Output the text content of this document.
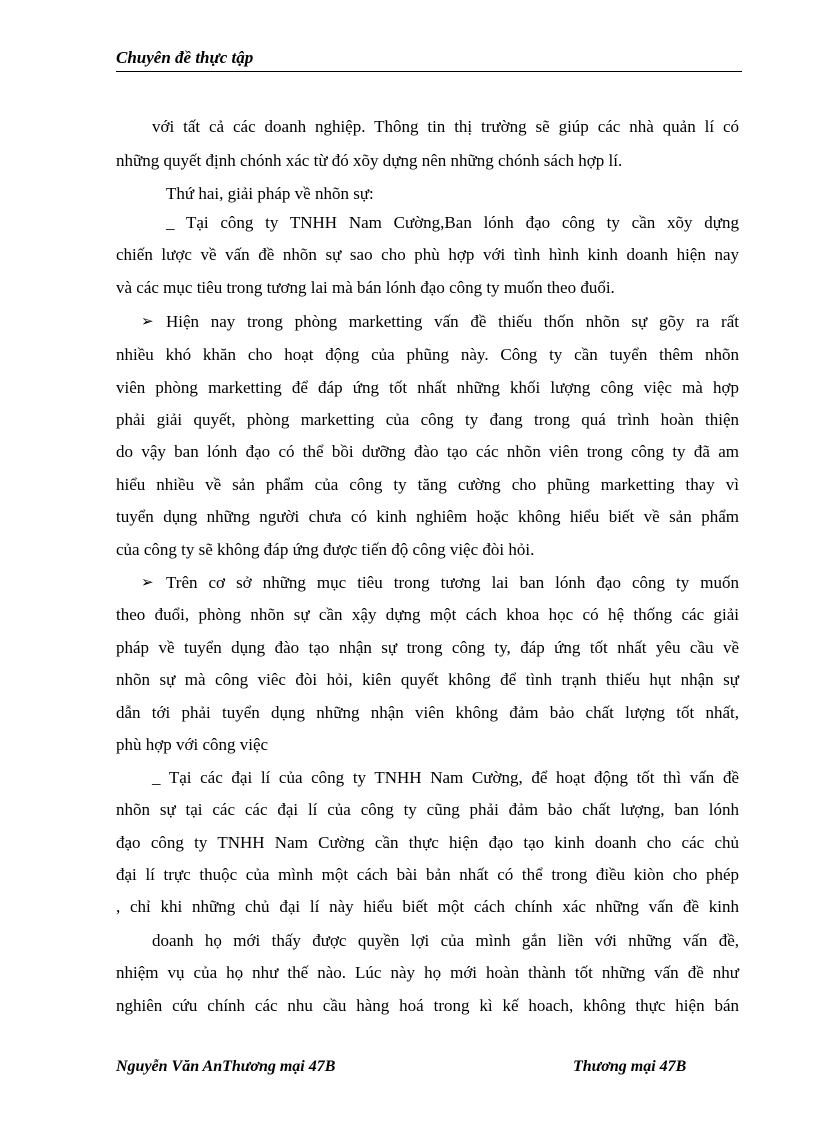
Chuyên đề thực tập
với tất cả các doanh nghiệp. Thông tin thị trường sẽ giúp các nhà quản lí có
những quyết định chónh xác từ đó xõy dựng nên những chónh sách hợp lí.
Thứ hai, giải pháp về nhõn sự:
_ Tại công ty TNHH Nam Cường,Ban lónh đạo công ty cần xõy dựng
chiến lược về vấn đề nhõn sự sao cho phù hợp với tình hình kinh doanh hiện nay
và các mục tiêu trong tương lai mà bán lónh đạo công ty muốn theo đuổi.
➢ Hiện nay trong phòng marketting vấn đề thiếu thốn nhõn sự gõy ra rất
nhiều khó khăn cho hoạt động của phũng này. Công ty cần tuyển thêm nhõn
viên phòng marketting để đáp ứng tốt nhất những khối lượng công việc mà hợp
phải giải quyết, phòng marketting của công ty đang trong quá trình hoàn thiện
do vậy ban lónh đạo có thể bồi dưỡng đào tạo các nhõn viên trong công ty đã am
hiểu nhiều về sản phẩm của công ty tăng cường cho phũng marketting thay vì
tuyển dụng những người chưa có kinh nghiêm hoặc không hiểu biết về sản phẩm
của công ty sẽ không đáp ứng được tiến độ công việc đòi hỏi.
➢ Trên cơ sở những mục tiêu trong tương lai ban lónh đạo công ty muốn
theo đuổi, phòng nhõn sự cần xậy dựng một cách khoa học có hệ thống các giải
pháp về tuyển dụng đào tạo nhận sự trong công ty, đáp ứng tốt nhất yêu cầu về
nhõn sự mà công viêc đòi hỏi, kiên quyết không để tình trạnh thiếu hụt nhận sự
dẫn tới phải tuyển dụng những nhận viên không đảm bảo chất lượng tốt nhất,
phù hợp với công việc
_ Tại các đại lí của công ty TNHH Nam Cường, để hoạt động tốt thì vấn đề
nhõn sự tại các các đại lí của công ty cũng phải đảm bảo chất lượng, ban lónh
đạo công ty TNHH Nam Cường cần thực hiện đạo tạo kinh doanh cho các chủ
đại lí trực thuộc của mình một cách bài bản nhất có thể trong điều kiòn cho phép
, chỉ khi những chủ đại lí này hiểu biết một cách chính xác những vấn đề kinh
doanh họ mới thấy được quyền lợi của mình gắn liền với những vấn đề,
nhiệm vụ của họ như thế nào. Lúc này họ mới hoàn thành tốt những vấn đề như
nghiên cứu chính các nhu cầu hàng hoá trong kì kế hoach, không thực hiện bán
Nguyễn Văn AnThương mại 47B	Thương mại 47B
